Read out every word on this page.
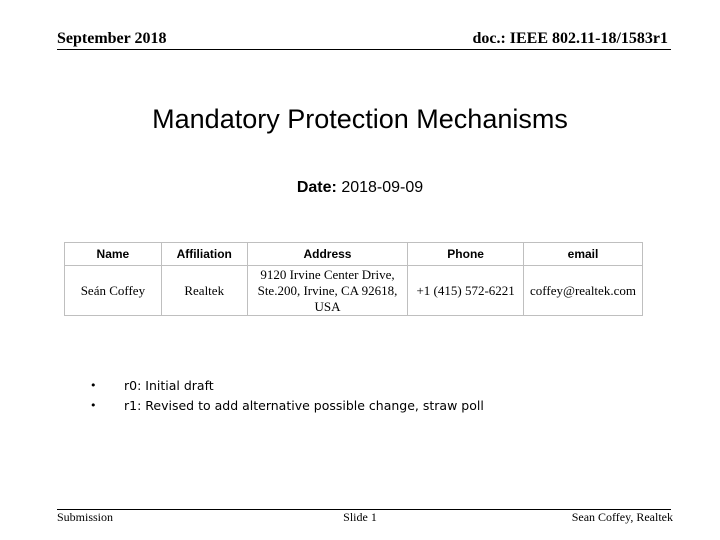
September 2018	doc.: IEEE 802.11-18/1583r1
Mandatory Protection Mechanisms
Date: 2018-09-09
Name	Affiliation	Address	Phone	email
Seán Coffey	Realtek	9120 Irvine Center Drive, Ste.200, Irvine, CA 92618, USA	+1 (415) 572-6221	coffey@realtek.com
• r0: Initial draft
• r1: Revised to add alternative possible change, straw poll
Submission	Slide 1	Sean Coffey, Realtek
